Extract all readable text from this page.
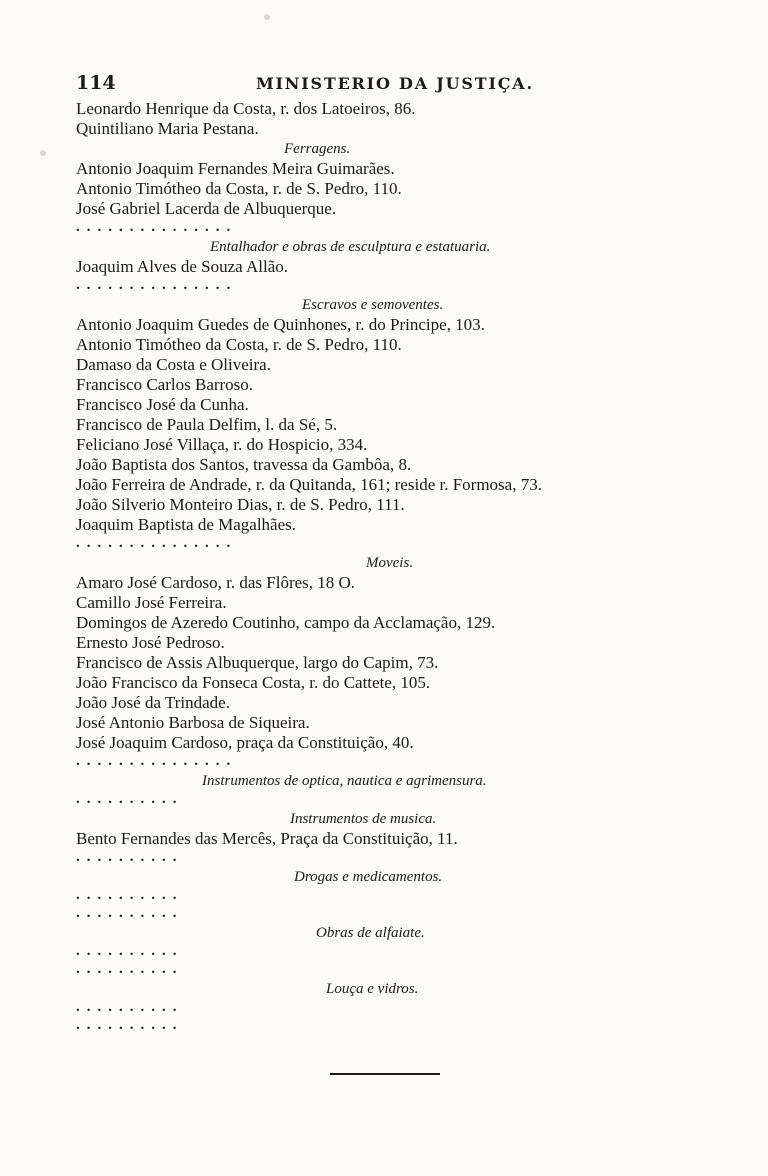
114	MINISTERIO DA JUSTIÇA.
Leonardo Henrique da Costa, r. dos Latoeiros, 86.
Quintiliano Maria Pestana.
Ferragens.
Antonio Joaquim Fernandes Meira Guimarães.
Antonio Timótheo da Costa, r. de S. Pedro, 110.
José Gabriel Lacerda de Albuquerque.
...............
Entalhador e obras de esculptura e estatuaria.
Joaquim Alves de Souza Allão.
...............
Escravos e semoventes.
Antonio Joaquim Guedes de Quinhones, r. do Principe, 103.
Antonio Timótheo da Costa, r. de S. Pedro, 110.
Damaso da Costa e Oliveira.
Francisco Carlos Barroso.
Francisco José da Cunha.
Francisco de Paula Delfim, l. da Sé, 5.
Feliciano José Villaça, r. do Hospicio, 334.
João Baptista dos Santos, travessa da Gambôa, 8.
João Ferreira de Andrade, r. da Quitanda, 161; reside r. Formosa, 73.
João Silverio Monteiro Dias, r. de S. Pedro, 111.
Joaquim Baptista de Magalhães.
...............
Moveis.
Amaro José Cardoso, r. das Flôres, 18 O.
Camillo José Ferreira.
Domingos de Azeredo Coutinho, campo da Acclamação, 129.
Ernesto José Pedroso.
Francisco de Assis Albuquerque, largo do Capim, 73.
João Francisco da Fonseca Costa, r. do Cattete, 105.
João José da Trindade.
José Antonio Barbosa de Siqueira.
José Joaquim Cardoso, praça da Constituição, 40.
...............
Instrumentos de optica, nautica e agrimensura.
..........
Instrumentos de musica.
Bento Fernandes das Mercês, Praça da Constituição, 11.
..........
Drogas e medicamentos.
..........
..........
Obras de alfaiate.
..........
..........
Louça e vidros.
..........
..........
